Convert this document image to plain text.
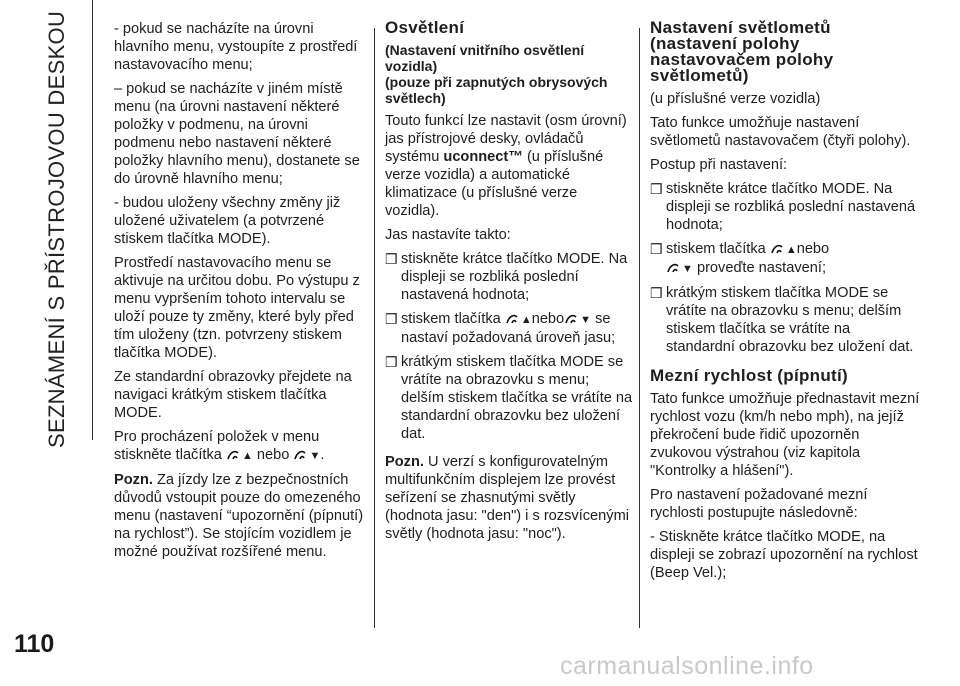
SEZNÁMENÍ S PŘÍSTROJOVOU DESKOU	- pokud se nacházíte na úrovni hlavního menu, vystoupíte z prostředí nastavovacího menu;

– pokud se nacházíte v jiném místě menu (na úrovni nastavení některé položky v podmenu, na úrovni podmenu nebo nastavení některé položky hlavního menu), dostanete se do úrovně hlavního menu;

- budou uloženy všechny změny již uložené uživatelem (a potvrzené stiskem tlačítka MODE).

Prostředí nastavovacího menu se aktivuje na určitou dobu. Po výstupu z menu vypršením tohoto intervalu se uloží pouze ty změny, které byly před tím uloženy (tzn. potvrzeny stiskem tlačítka MODE).

Ze standardní obrazovky přejdete na navigaci krátkým stiskem tlačítka MODE.

Pro procházení položek v menu stiskněte tlačítka ▲ nebo ▼.

Pozn. Za jízdy lze z bezpečnostních důvodů vstoupit pouze do omezeného menu (nastavení “upozornění (pípnutí) na rychlost”). Se stojícím vozidlem je možné používat rozšířené menu.

Osvětlení

(Nastavení vnitřního osvětlení vozidla)

(pouze při zapnutých obrysových světlech)

Touto funkcí lze nastavit (osm úrovní) jas přístrojové desky, ovládačů systému uconnect™ (u příslušné verze vozidla) a automatické klimatizace (u příslušné verze vozidla).

Jas nastavíte takto:

❒ stiskněte krátce tlačítko MODE. Na displeji se rozbliká poslední nastavená hodnota;
❒ stiskem tlačítka ▲nebo ▼ se nastaví požadovaná úroveň jasu;
❒ krátkým stiskem tlačítka MODE se vrátíte na obrazovku s menu; delším stiskem tlačítka se vrátíte na standardní obrazovku bez uložení dat.

Pozn. U verzí s konfigurovatelným multifunkčním displejem lze provést seřízení se zhasnutými světly (hodnota jasu: "den") i s rozsvícenými světly (hodnota jasu: "noc").

Nastavení světlometů (nastavení polohy nastavovačem polohy světlometů)

(u příslušné verze vozidla)

Tato funkce umožňuje nastavení světlometů nastavovačem (čtyři polohy).

Postup při nastavení:

❒ stiskněte krátce tlačítko MODE. Na displeji se rozbliká poslední nastavená hodnota;
❒ stiskem tlačítka ▲nebo

▼ proveďte nastavení;
❒ krátkým stiskem tlačítka MODE se vrátíte na obrazovku s menu; delším stiskem tlačítka se vrátíte na standardní obrazovku bez uložení dat.

Mezní rychlost (pípnutí)

Tato funkce umožňuje přednastavit mezní rychlost vozu (km/h nebo mph), na jejíž překročení bude řidič upozorněn zvukovou výstrahou (viz kapitola "Kontrolky a hlášení").

Pro nastavení požadované mezní rychlosti postupujte následovně:

- Stiskněte krátce tlačítko MODE, na displeji se zobrazí upozornění na rychlost (Beep Vel.);

110
carmanualsonline.info
